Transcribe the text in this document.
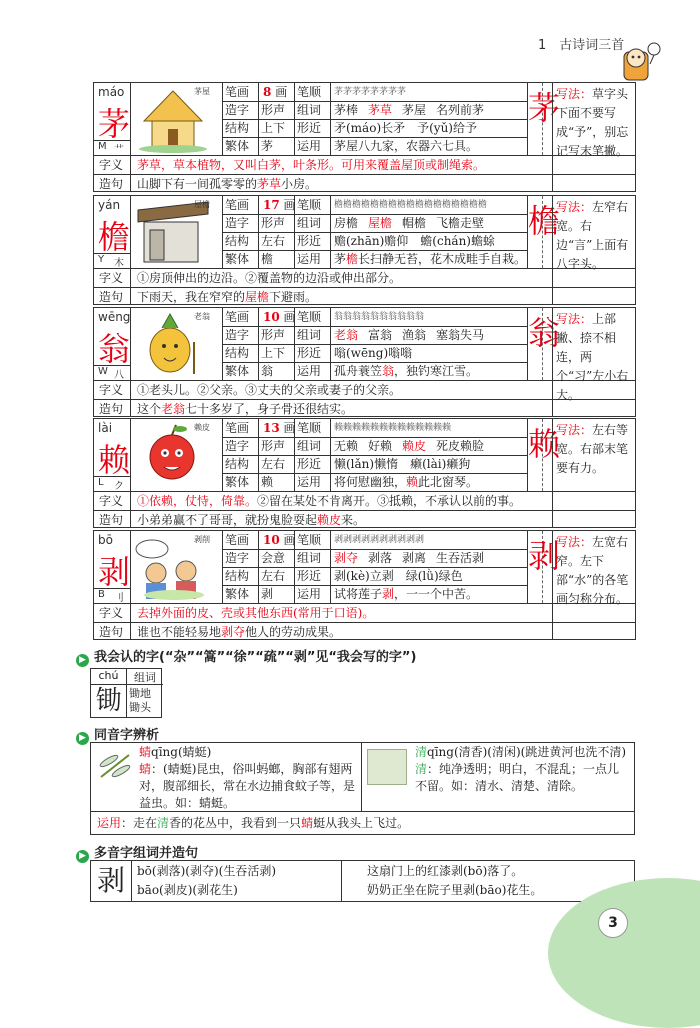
1　 古诗词三首
máo
茅
M 艹
茅屋 笔画 8 画 笔顺	茅茅茅茅茅茅茅茅
造字 形声 组词 茅棒 茅草 茅屋 名列前茅
结构 上下 形近 矛(máo)长矛　予(yǔ)给予
繁体 茅 运用 茅屋八九家，农器六七具。
字义 茅草，草本植物，又叫白茅，叶条形。可用来覆盖屋顶或制绳索。
造句 山脚下有一间孤零零的茅草小房。
茅
写法：草字头下面不要写成“予”，别忘记写末笔撇。
yán
檐
Y 木
屋檐 笔画 17 画 笔顺	檐檐檐檐檐檐檐檐檐檐檐檐檐檐檐檐檐
造字 形声 组词 房檐 屋檐 帽檐 飞檐走壁
结构 左右 形近 赡(zhān)赡仰　蟾(chán)蟾蜍
繁体 檐 运用 茅檐长扫静无苔，花木成畦手自栽。
字义 ①房顶伸出的边沿。②覆盖物的边沿或伸出部分。
造句 下雨天，我在窄窄的屋檐下避雨。
檐
写法：左窄右宽。右边“言”上面有八字头。
wēng
翁
W 八
老翁 笔画 10 画 笔顺	翁翁翁翁翁翁翁翁翁翁
造字 形声 组词 老翁 富翁 渔翁 塞翁失马
结构 上下 形近 嗡(wēng)嗡嗡
繁体 翁 运用 孤舟蓑笠翁，独钓寒江雪。
字义 ①老头儿。②父亲。③丈夫的父亲或妻子的父亲。
造句 这个老翁七十多岁了，身子骨还很结实。
翁
写法：上部撇、捺不相连，两个“习”左小右大。
lài
赖
L ク
赖皮 笔画 13 画 笔顺	赖赖赖赖赖赖赖赖赖赖赖赖赖
造字 形声 组词 无赖 好赖 赖皮 死皮赖脸
结构 左右 形近 懒(lǎn)懒惰　癞(lài)癞狗
繁体 赖 运用 将何慰幽独，赖此北窗琴。
字义 ①依赖，仗恃，倚靠。②留在某处不肯离开。③抵赖，不承认以前的事。
造句 小弟弟赢不了哥哥，就扮鬼脸耍起赖皮来。
赖
写法：左右等宽。右部末笔要有力。
bō
剥
B 刂
剥削 笔画 10 画 笔顺	剥剥剥剥剥剥剥剥剥剥
造字 会意 组词 剥夺 剥落 剥离 生吞活剥
结构 左右 形近 剥(kè)立剥　绿(lǜ)绿色
繁体 剥 运用 试将莲子剥，一一个中苦。
字义 去掉外面的皮、壳或其他东西(常用于口语)。
造句 谁也不能轻易地剥夺他人的劳动成果。
剥
写法：左宽右窄。左下部“水”的各笔画匀称分布。
▶ 我会认的字(“杂”“篙”“徐”“疏”“剥”见“我会写的字”)
chú	组词
锄 锄地
锄头
▶ 同音字辨析
蜻qīng(蜻蜓)
蜻：(蜻蜓)昆虫，俗叫蚂螂，胸部有翅两对，腹部细长，常在水边捕食蚊子等，是益虫。如：蜻蜓。
清qīng(清香)(清闲)(跳进黄河也洗不清)
清：纯净透明；明白，不混乱；一点儿不留。如：清水、清楚、清除。
运用：走在清香的花丛中，我看到一只蜻蜓从我头上飞过。
▶ 多音字组词并造句
剥	bō(剥落)(剥夺)(生吞活剥)
bāo(剥皮)(剥花生)
这扇门上的红漆剥(bō)落了。
奶奶正坐在院子里剥(bāo)花生。
3
